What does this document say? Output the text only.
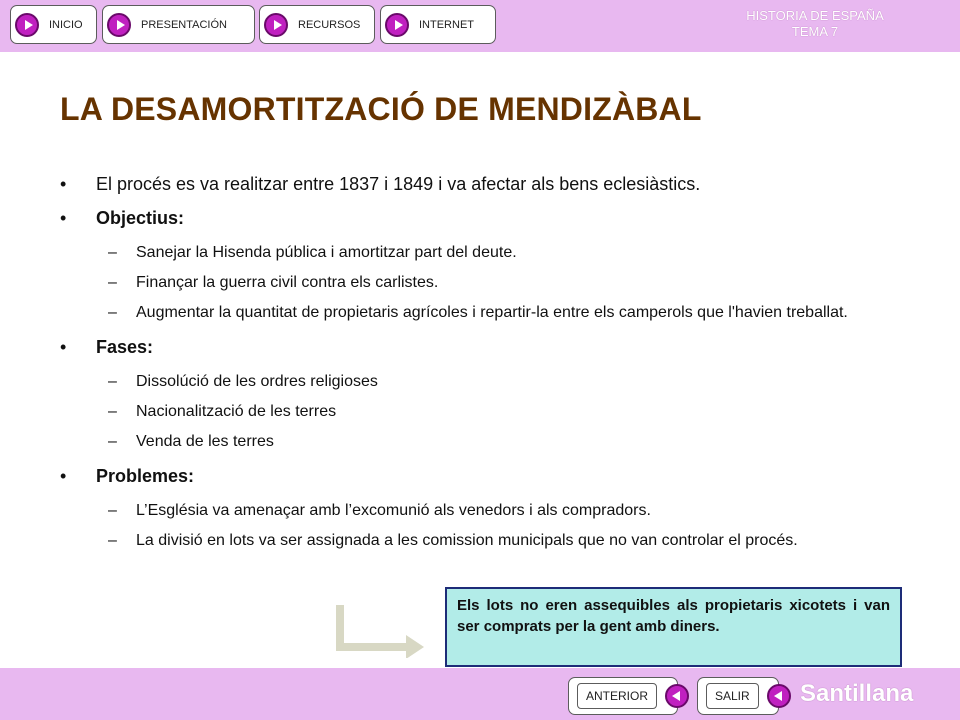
INICIO	PRESENTACIÓN	RECURSOS	INTERNET
HISTORIA DE ESPAÑA
TEMA 7
LA DESAMORTITZACIÓ DE MENDIZÀBAL
• El procés es va realitzar entre 1837 i 1849 i va afectar als bens eclesiàstics.
• Objectius:
– Sanejar la Hisenda pública i amortitzar part del deute.
– Finançar la guerra civil contra els carlistes.
– Augmentar la quantitat de propietaris agrícoles i repartir-la entre els camperols que l'havien treballat.
• Fases:
– Dissolúció de les ordres religioses
– Nacionalització de les terres
– Venda de les terres
• Problemes:
– L’Església va amenaçar amb l’excomunió als venedors i als compradors.
– La divisió en lots va ser assignada a les comission municipals que no van controlar el procés.
Els lots no eren assequibles als propietaris xicotets i van ser comprats per la gent amb diners.
ANTERIOR	SALIR	Santillana
